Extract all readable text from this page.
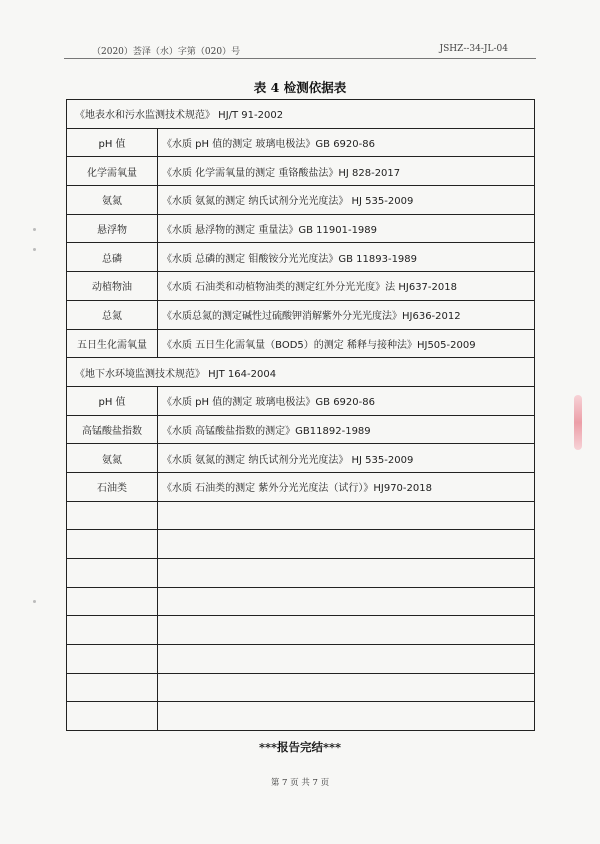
（2020）荟泽（水）字第（020）号	JSHZ--34-JL-04
表 4 检测依据表
《地表水和污水监测技术规范》 HJ/T 91-2002	
pH 值	《水质 pH 值的测定 玻璃电极法》GB 6920-86
化学需氧量	《水质 化学需氧量的测定 重铬酸盐法》HJ 828-2017
氨氮	《水质 氨氮的测定 纳氏试剂分光光度法》 HJ 535-2009
悬浮物	《水质 悬浮物的测定 重量法》GB 11901-1989
总磷	《水质 总磷的测定 钼酸铵分光光度法》GB 11893-1989
动植物油	《水质 石油类和动植物油类的测定红外分光光度》法 HJ637-2018
总氮	《水质总氮的测定碱性过硫酸钾消解紫外分光光度法》HJ636-2012
五日生化需氧量	《水质 五日生化需氧量（BOD5）的测定 稀释与接种法》HJ505-2009
《地下水环境监测技术规范》 HJT 164-2004	
pH 值	《水质 pH 值的测定 玻璃电极法》GB 6920-86
高锰酸盐指数	《水质 高锰酸盐指数的测定》GB11892-1989
氨氮	《水质 氨氮的测定 纳氏试剂分光光度法》 HJ 535-2009
石油类	《水质 石油类的测定 紫外分光光度法（试行）》HJ970-2018

***报告完结***
第 7 页 共 7 页
